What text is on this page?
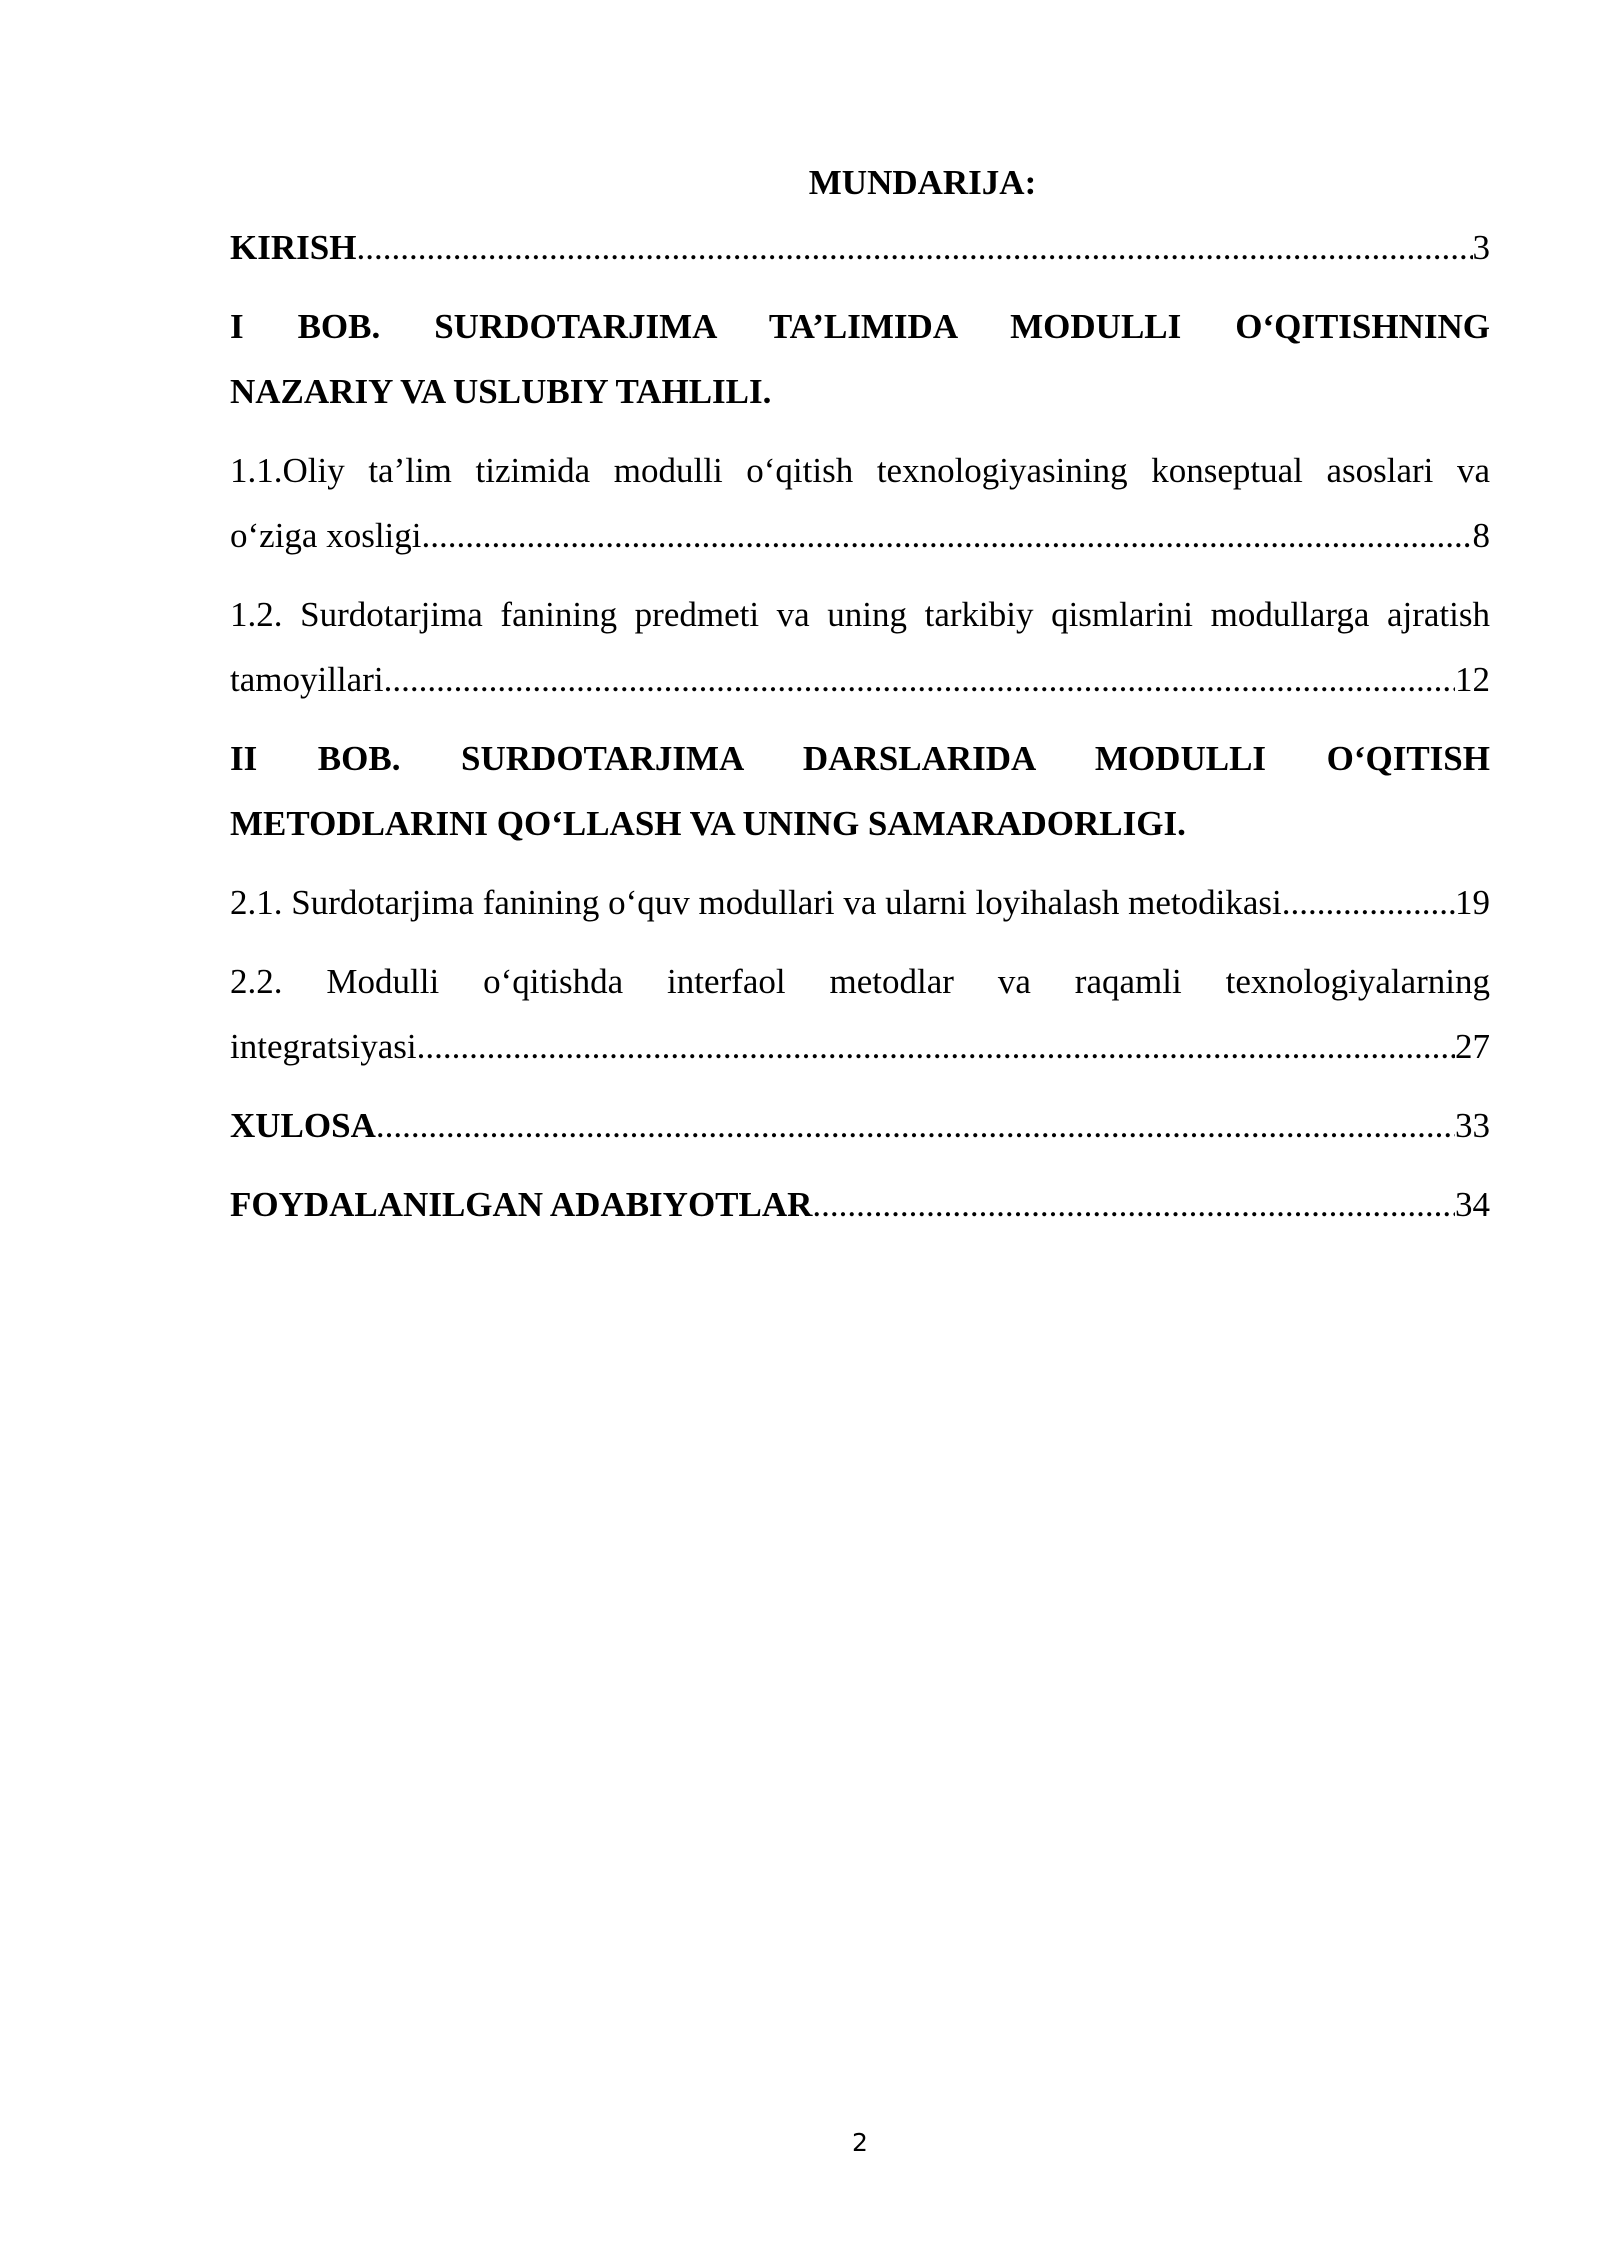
MUNDARIJA:
KIRISH .....	3
I BOB. SURDOTARJIMA TA’LIMIDA MODULLI O‘QITISHNING
NAZARIY VA USLUBIY TAHLILI.
1.1.Oliy ta’lim tizimida modulli o‘qitish texnologiyasining konseptual asoslari va
o‘ziga xosligi .....	8
1.2. Surdotarjima fanining predmeti va uning tarkibiy qismlarini modullarga ajratish
tamoyillari .....	12
II BOB. SURDOTARJIMA DARSLARIDA MODULLI O‘QITISH
METODLARINI QO‘LLASH VA UNING SAMARADORLIGI.
2.1. Surdotarjima fanining o‘quv modullari va ularni loyihalash metodikasi .....	19
2.2. Modulli o‘qitishda interfaol metodlar va raqamli texnologiyalarning
integratsiyasi .....	27
XULOSA .....	33
FOYDALANILGAN ADABIYOTLAR .....	34
2
